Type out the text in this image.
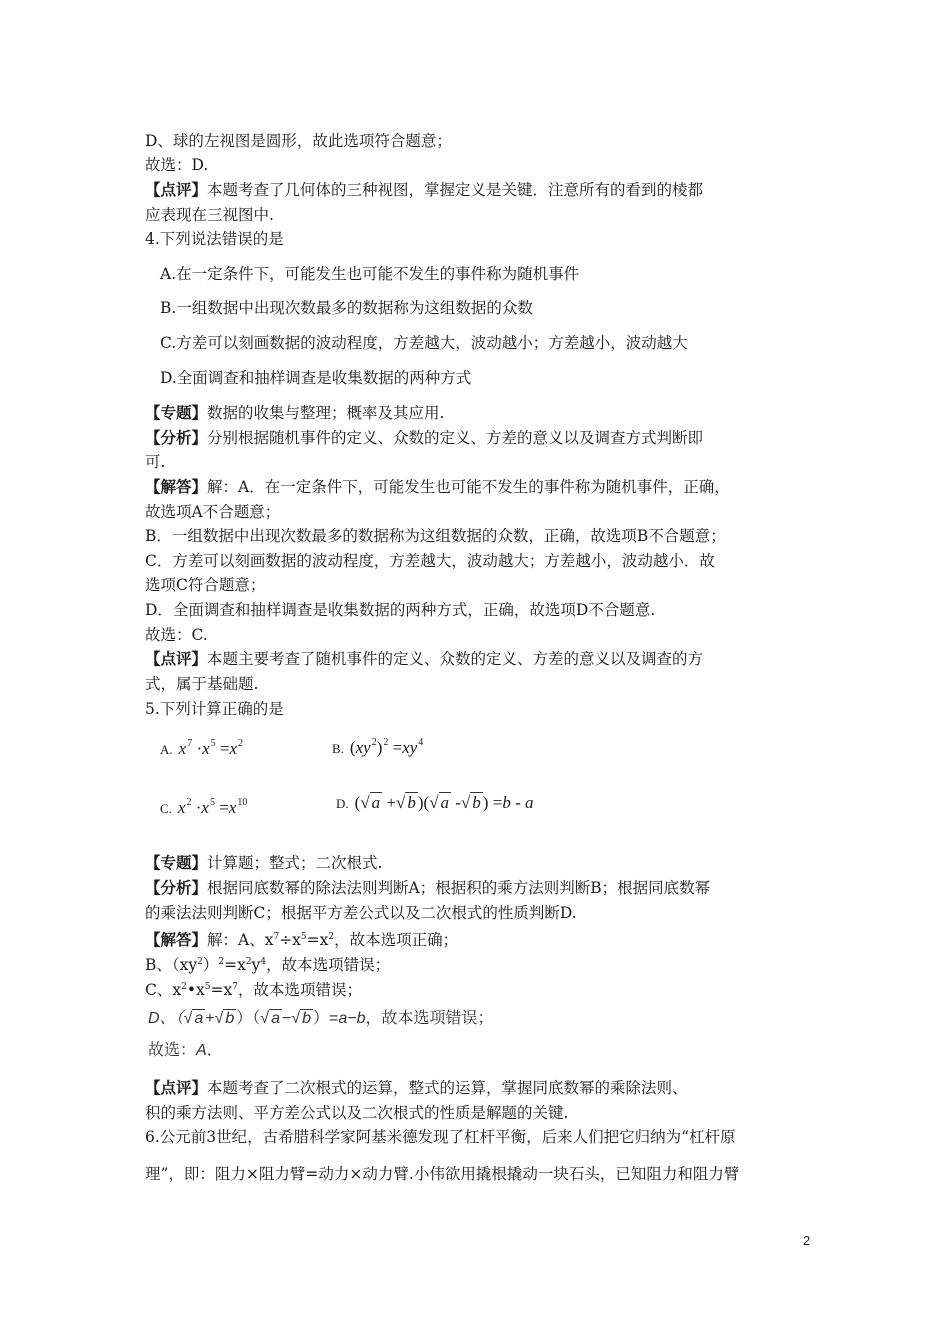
D、球的左视图是圆形，故此选项符合题意；
故选：D.
【点评】本题考查了几何体的三种视图，掌握定义是关键．注意所有的看到的棱都
应表现在三视图中.
4.下列说法错误的是
A.在一定条件下，可能发生也可能不发生的事件称为随机事件
B.一组数据中出现次数最多的数据称为这组数据的众数
C.方差可以刻画数据的波动程度，方差越大，波动越小；方差越小，波动越大
D.全面调查和抽样调查是收集数据的两种方式
【专题】数据的收集与整理；概率及其应用.
【分析】分别根据随机事件的定义、众数的定义、方差的意义以及调查方式判断即
可.
【解答】解：A．在一定条件下，可能发生也可能不发生的事件称为随机事件，正确，
故选项A不合题意；
B．一组数据中出现次数最多的数据称为这组数据的众数，正确，故选项B不合题意；
C．方差可以刻画数据的波动程度，方差越大，波动越大；方差越小，波动越小．故
选项C符合题意；
D．全面调查和抽样调查是收集数据的两种方式，正确，故选项D不合题意.
故选：C.
【点评】本题主要考查了随机事件的定义、众数的定义、方差的意义以及调查的方
式，属于基础题.
5.下列计算正确的是
A. $x^7 \cdot x^5 =x^2$	B. $(xy^2)^2 =xy^4$
C. $x^2 \cdot x^5 =x^{10}$	D. (√ a +√ b )(√ a -√ b ) =b - a
【专题】计算题；整式；二次根式.
【分析】根据同底数幂的除法法则判断A；根据积的乘方法则判断B；根据同底数幂
的乘法法则判断C；根据平方差公式以及二次根式的性质判断D.
【解答】解：A、$x^7\div x^5=x^2$，故本选项正确；
B、$(xy^2)^2=x^2y^4$，故本选项错误；
C、$x^2•x^5=x^7$，故本选项错误；
D、（√ a +√ b ）（√ a −√ b ）=a−b，故本选项错误；
故选：A．
【点评】本题考查了二次根式的运算，整式的运算，掌握同底数幂的乘除法则、
积的乘方法则、平方差公式以及二次根式的性质是解题的关键.
6.公元前3世纪，古希腊科学家阿基米德发现了杠杆平衡，后来人们把它归纳为“杠杆原
理”，即：阻力×阻力臂=动力×动力臂.小伟欲用撬根撬动一块石头，已知阻力和阻力臂
2
